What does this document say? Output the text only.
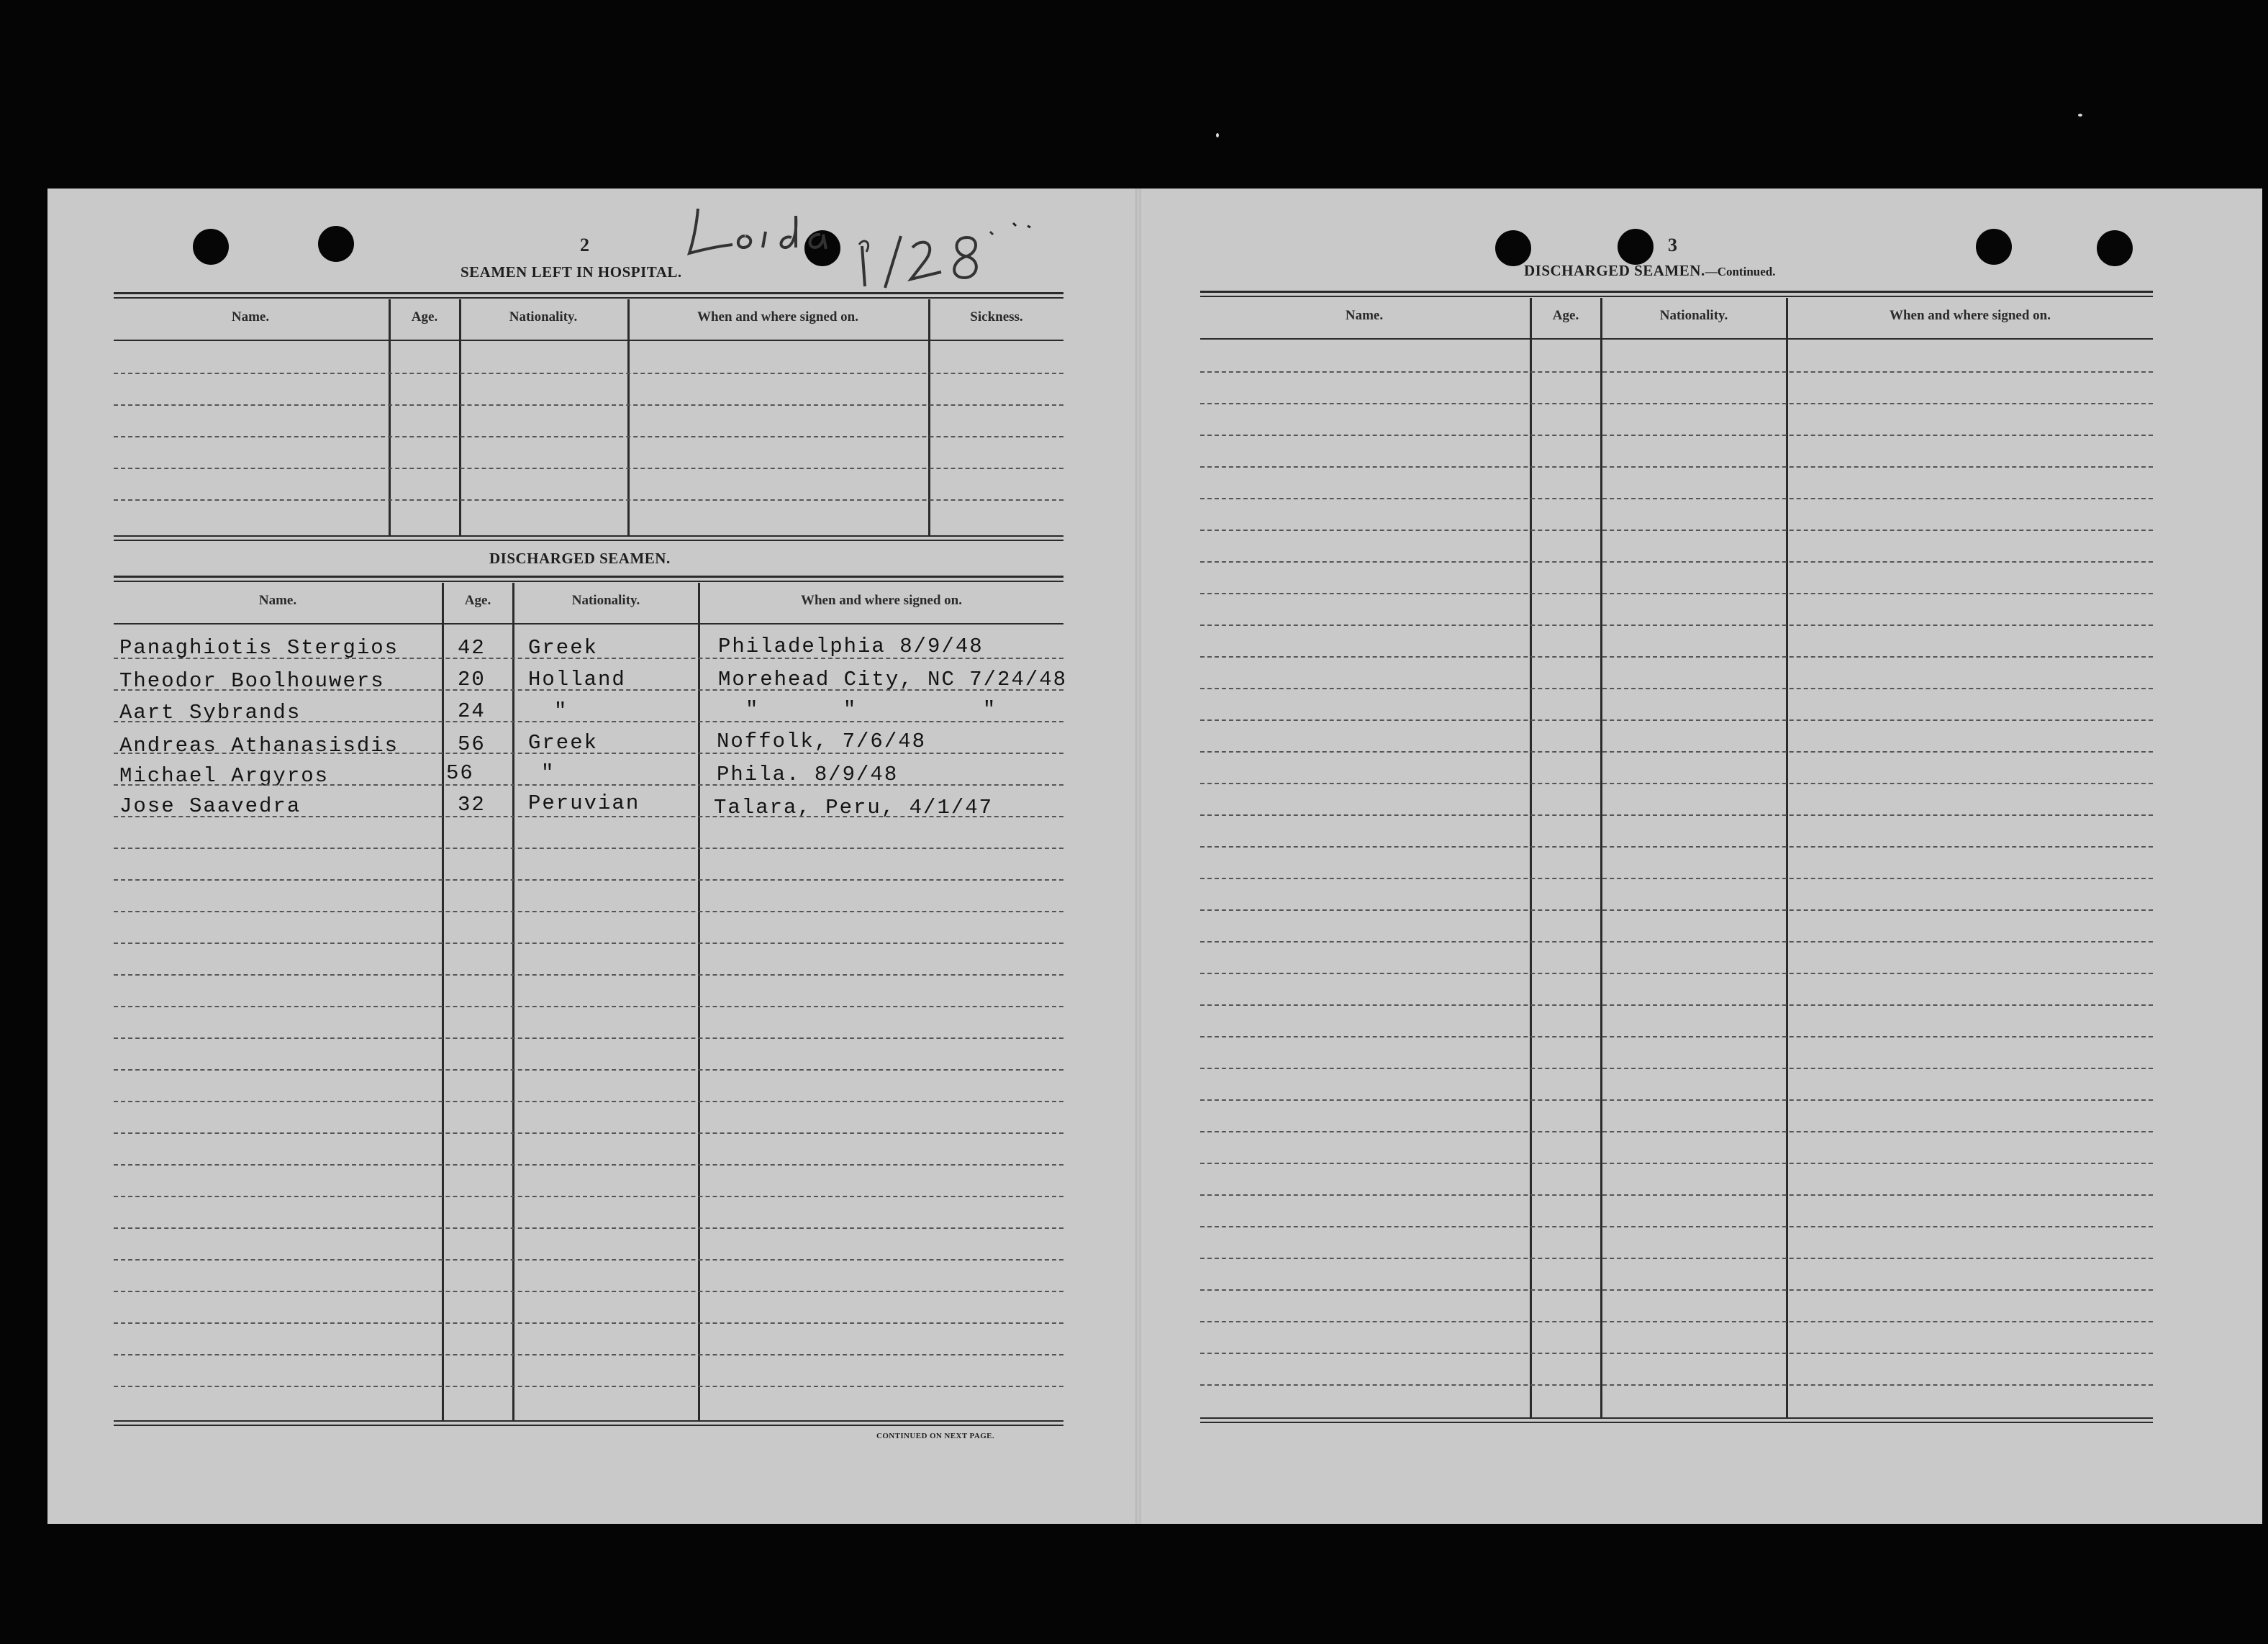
2
SEAMEN LEFT IN HOSPITAL.
Name.	Age.	Nationality.	When and where signed on.	Sickness.
DISCHARGED SEAMEN.
Name.	Age.	Nationality.	When and where signed on.
Panaghiotis Stergios	42 Greek	Philadelphia 8/9/48
Theodor Boolhouwers	20 Holland	Morehead City, NC 7/24/48
Aart Sybrands	24	"	"      "         "
Andreas Athanasisdis	56 Greek	Noffolk, 7/6/48
Michael Argyros	56	"	Phila. 8/9/48
Jose Saavedra	32 Peruvian	Talara, Peru, 4/1/47
CONTINUED ON NEXT PAGE.
3
DISCHARGED SEAMEN.—Continued.
Name.	Age.	Nationality.	When and where signed on.
